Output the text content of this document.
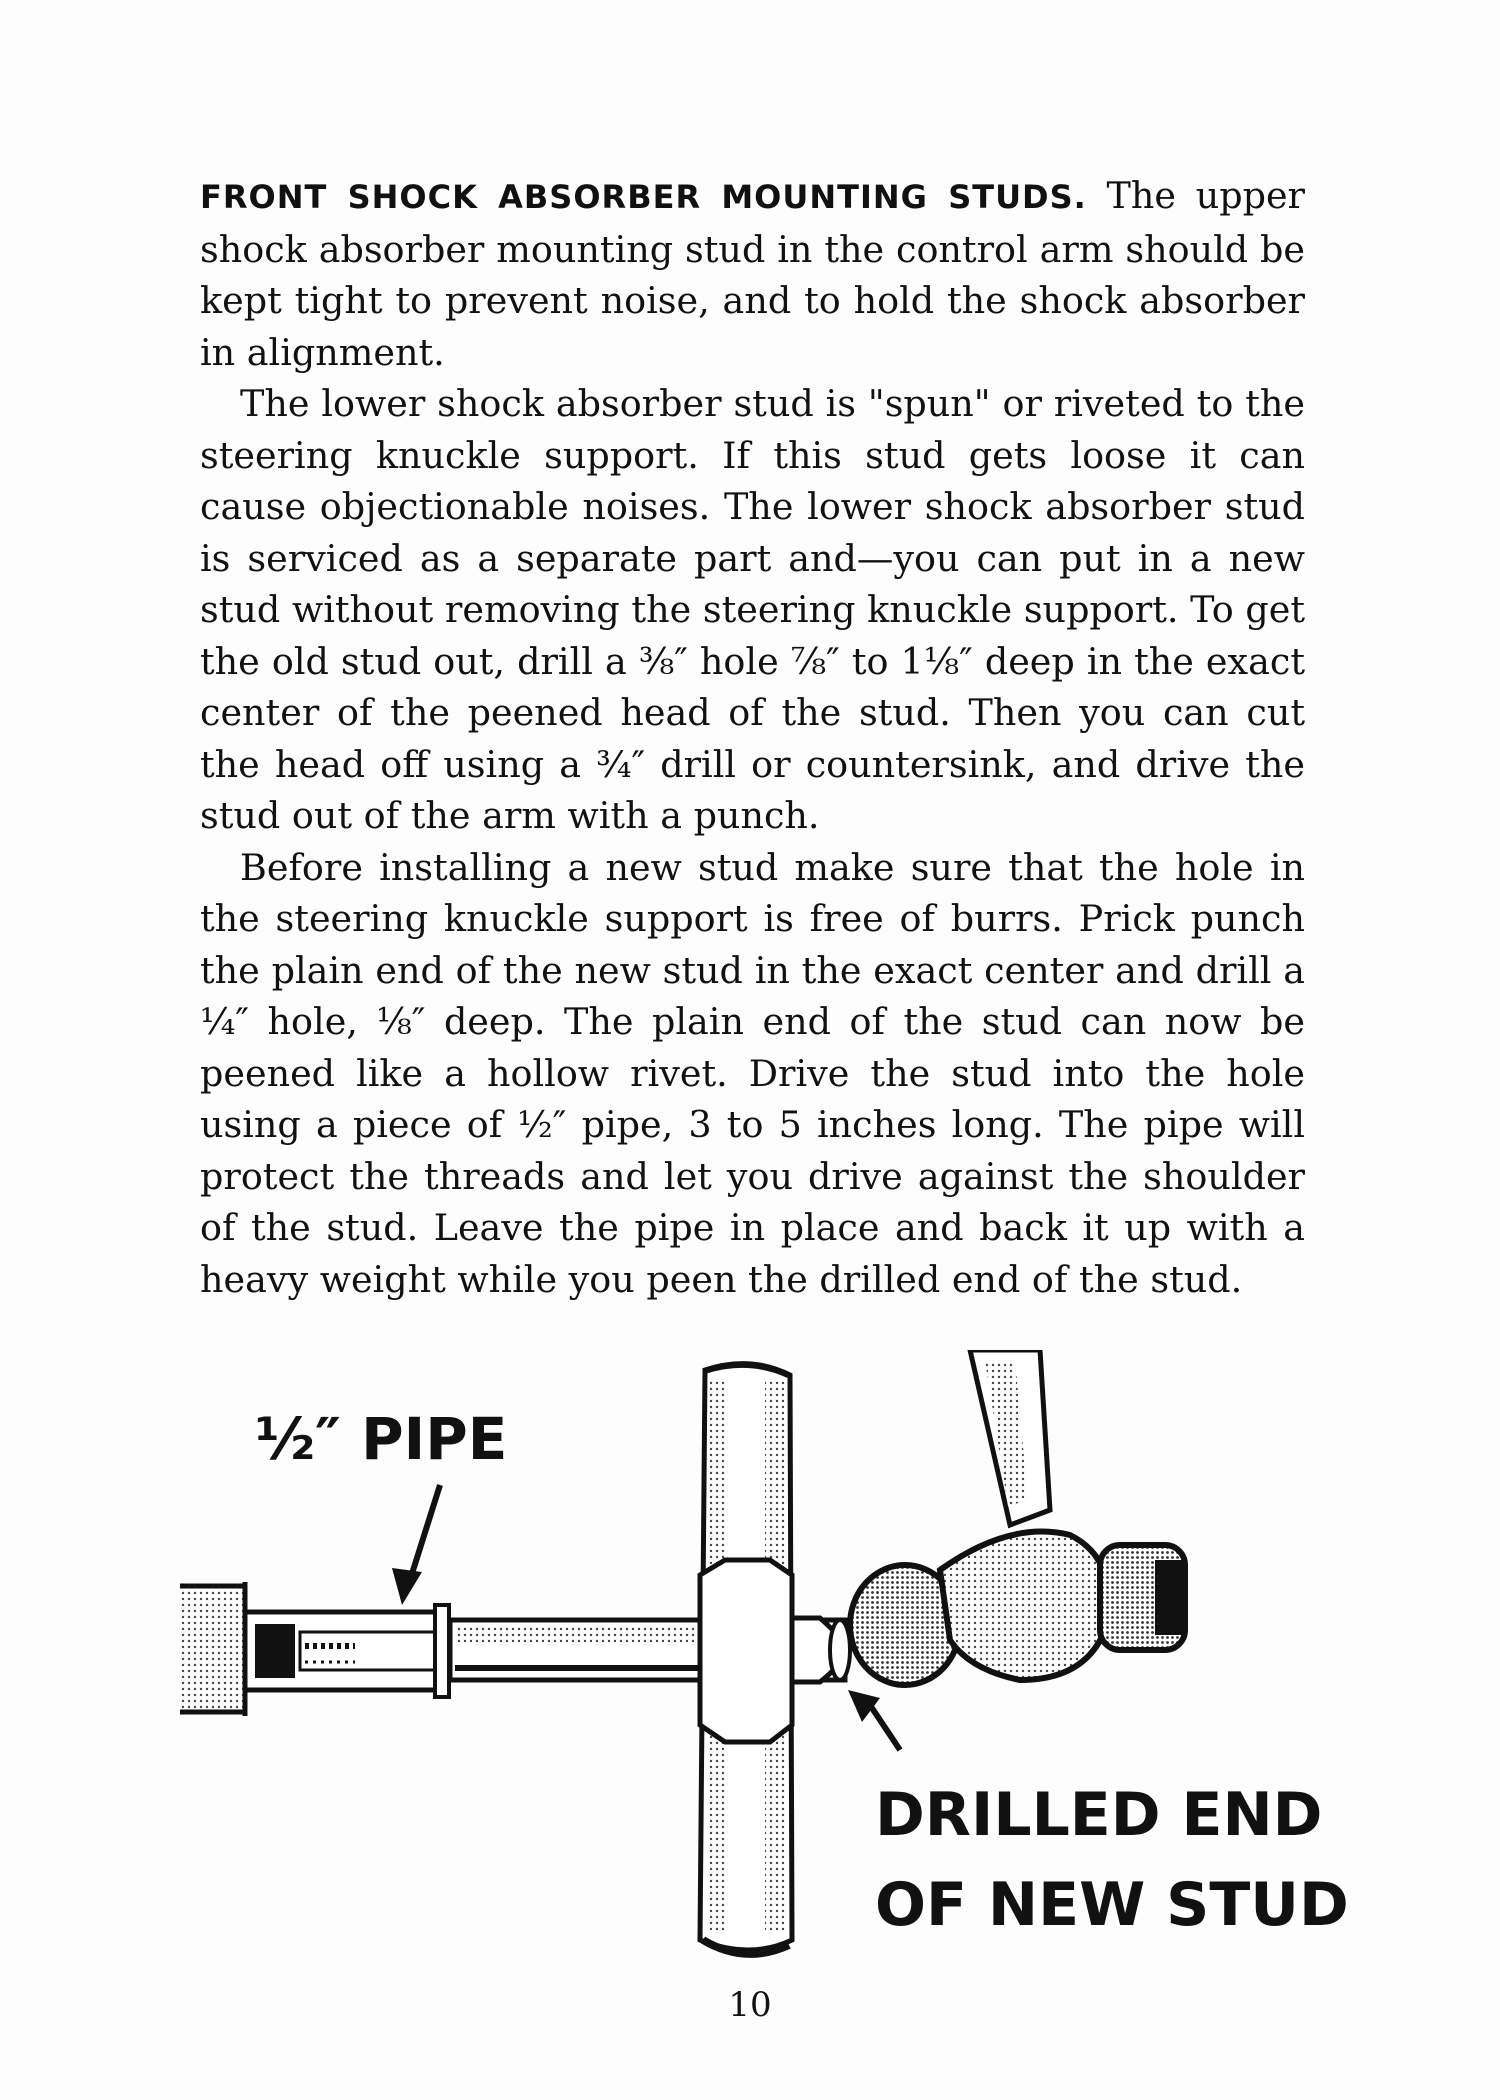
FRONT SHOCK ABSORBER MOUNTING STUDS. The upper shock absorber mounting stud in the control arm should be kept tight to prevent noise, and to hold the shock absorber in alignment.

The lower shock absorber stud is "spun" or riveted to the steering knuckle support. If this stud gets loose it can cause objectionable noises. The lower shock absorber stud is serviced as a separate part and—you can put in a new stud without removing the steering knuckle support. To get the old stud out, drill a ⅜″ hole ⅞″ to 1⅛″ deep in the exact center of the peened head of the stud. Then you can cut the head off using a ¾″ drill or countersink, and drive the stud out of the arm with a punch.

Before installing a new stud make sure that the hole in the steering knuckle support is free of burrs. Prick punch the plain end of the new stud in the exact center and drill a ¼″ hole, ⅛″ deep. The plain end of the stud can now be peened like a hollow rivet. Drive the stud into the hole using a piece of ½″ pipe, 3 to 5 inches long. The pipe will protect the threads and let you drive against the shoulder of the stud. Leave the pipe in place and back it up with a heavy weight while you peen the drilled end of the stud.

½″ PIPE
DRILLED END
OF NEW STUD
10
